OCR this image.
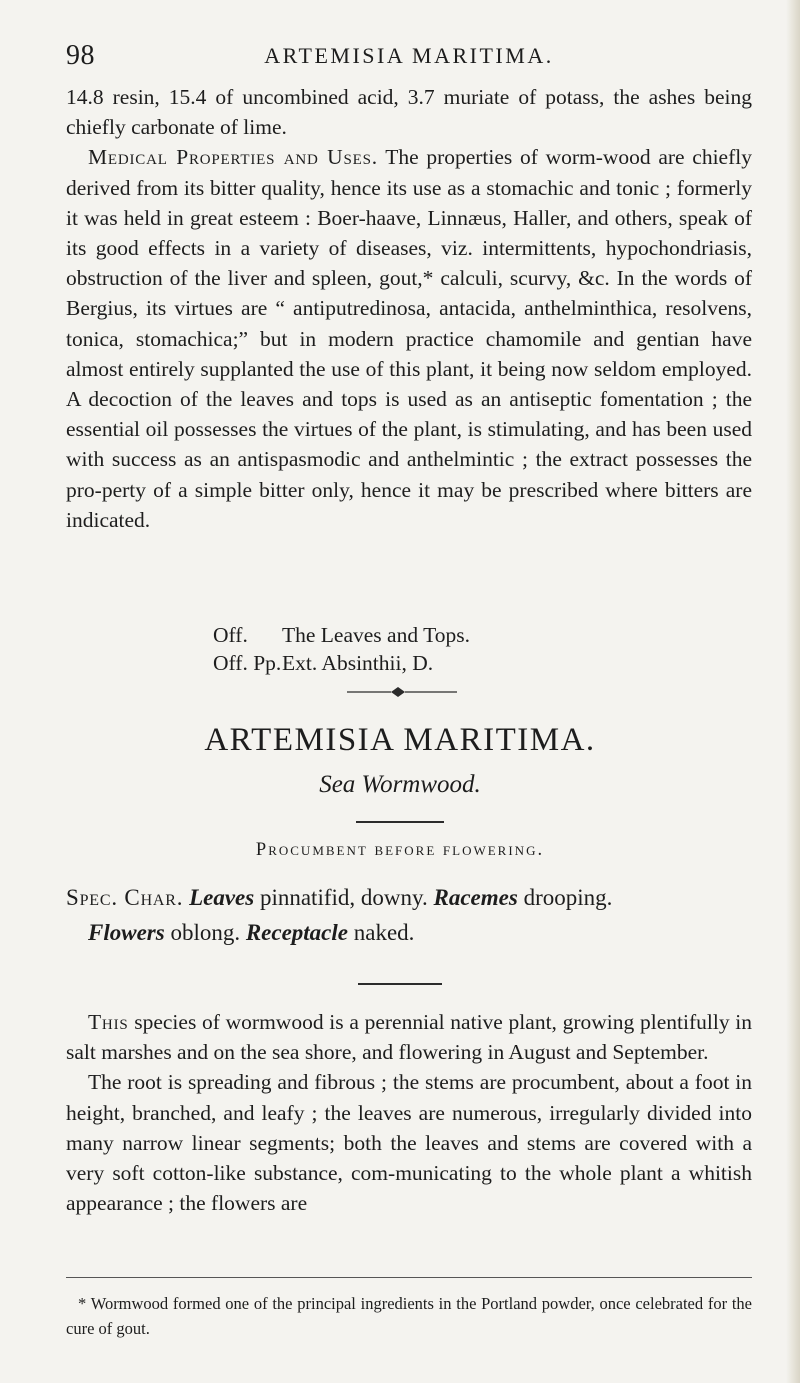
98	ARTEMISIA MARITIMA.

14.8 resin, 15.4 of uncombined acid, 3.7 muriate of potass, the ashes being chiefly carbonate of lime.

Medical Properties and Uses. The properties of worm-wood are chiefly derived from its bitter quality, hence its use as a stomachic and tonic ; formerly it was held in great esteem : Boer-haave, Linnæus, Haller, and others, speak of its good effects in a variety of diseases, viz. intermittents, hypochondriasis, obstruction of the liver and spleen, gout,* calculi, scurvy, &c. In the words of Bergius, its virtues are “ antiputredinosa, antacida, anthelminthica, resolvens, tonica, stomachica;” but in modern practice chamomile and gentian have almost entirely supplanted the use of this plant, it being now seldom employed. A decoction of the leaves and tops is used as an antiseptic fomentation ; the essential oil possesses the virtues of the plant, is stimulating, and has been used with success as an antispasmodic and anthelmintic ; the extract possesses the pro-perty of a simple bitter only, hence it may be prescribed where bitters are indicated.

Off. The Leaves and Tops.
Off. Pp.Ext. Absinthii, D.
ARTEMISIA MARITIMA.
Sea Wormwood.
Procumbent before flowering.

Spec. Char. Leaves pinnatifid, downy. Racemes drooping.

Flowers oblong. Receptacle naked.

This species of wormwood is a perennial native plant, growing plentifully in salt marshes and on the sea shore, and flowering in August and September.

The root is spreading and fibrous ; the stems are procumbent, about a foot in height, branched, and leafy ; the leaves are numerous, irregularly divided into many narrow linear segments; both the leaves and stems are covered with a very soft cotton-like substance, com-municating to the whole plant a whitish appearance ; the flowers are

* Wormwood formed one of the principal ingredients in the Portland powder, once celebrated for the cure of gout.
